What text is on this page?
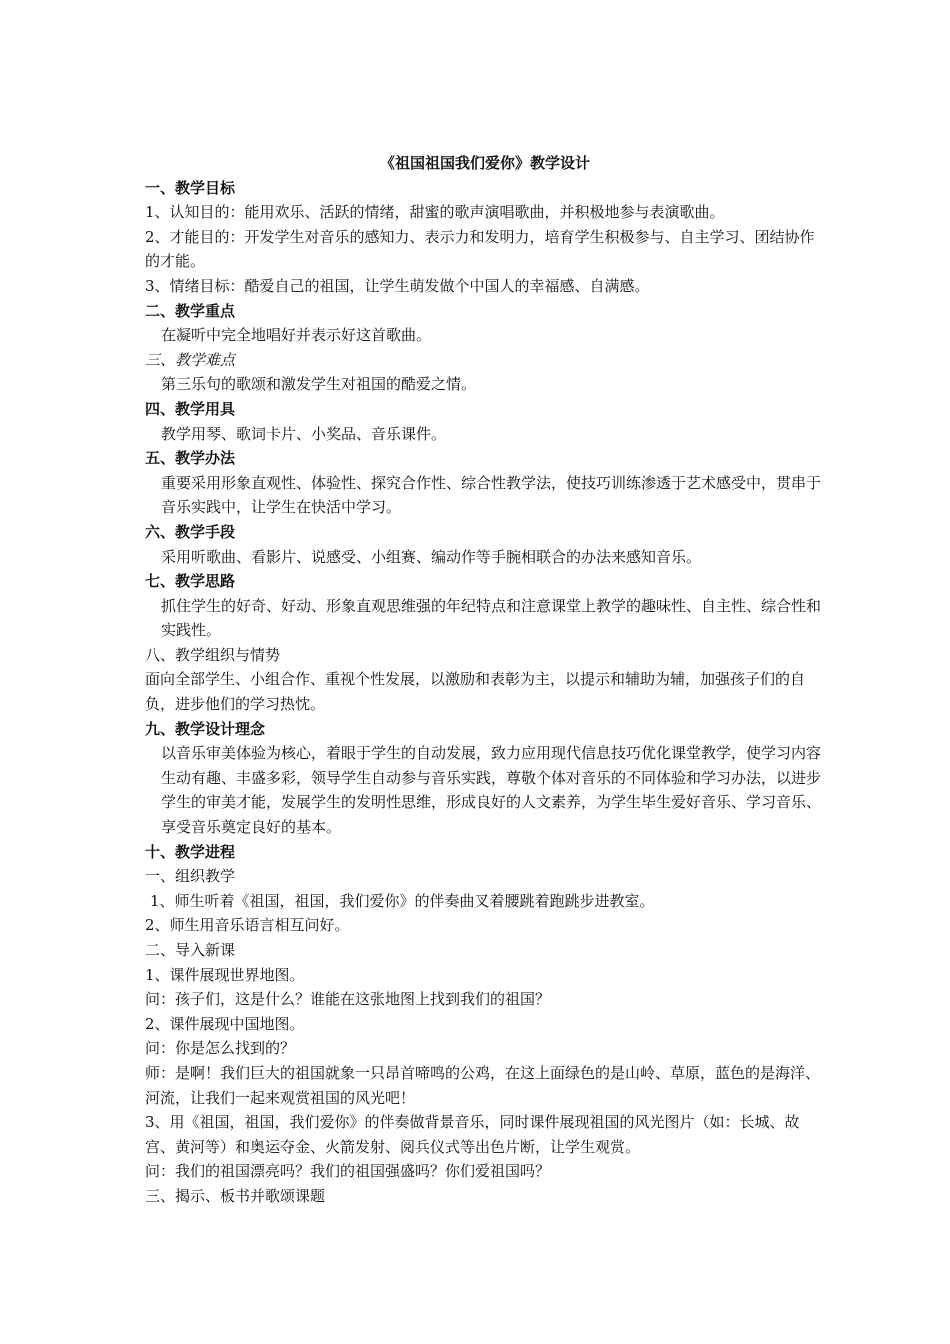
《祖国祖国我们爱你》教学设计

一、教学目标

1、认知目的：能用欢乐、活跃的情绪，甜蜜的歌声演唱歌曲，并积极地参与表演歌曲。

2、才能目的：开发学生对音乐的感知力、表示力和发明力，培育学生积极参与、自主学习、团结协作的才能。

3、情绪目标：酷爱自己的祖国，让学生萌发做个中国人的幸福感、自满感。

二、教学重点

在凝听中完全地唱好并表示好这首歌曲。

三、教学难点

第三乐句的歌颂和激发学生对祖国的酷爱之情。

四、教学用具

教学用琴、歌词卡片、小奖品、音乐课件。

五、教学办法

重要采用形象直观性、体验性、探究合作性、综合性教学法，使技巧训练渗透于艺术感受中，贯串于音乐实践中，让学生在快活中学习。

六、教学手段

采用听歌曲、看影片、说感受、小组赛、编动作等手腕相联合的办法来感知音乐。

七、教学思路

抓住学生的好奇、好动、形象直观思维强的年纪特点和注意课堂上教学的趣味性、自主性、综合性和实践性。

八、教学组织与情势

面向全部学生、小组合作、重视个性发展，以激励和表彰为主，以提示和辅助为辅，加强孩子们的自负，进步他们的学习热忱。

九、教学设计理念

以音乐审美体验为核心，着眼于学生的自动发展，致力应用现代信息技巧优化课堂教学，使学习内容生动有趣、丰盛多彩，领导学生自动参与音乐实践，尊敬个体对音乐的不同体验和学习办法，以进步学生的审美才能，发展学生的发明性思维，形成良好的人文素养，为学生毕生爱好音乐、学习音乐、享受音乐奠定良好的基本。

十、教学进程

一、组织教学

1、师生听着《祖国，祖国，我们爱你》的伴奏曲叉着腰跳着跑跳步进教室。

2、师生用音乐语言相互问好。

二、导入新课

1、课件展现世界地图。

问：孩子们，这是什么？谁能在这张地图上找到我们的祖国？

2、课件展现中国地图。

问：你是怎么找到的？

师：是啊！我们巨大的祖国就象一只昂首啼鸣的公鸡，在这上面绿色的是山岭、草原，蓝色的是海洋、河流，让我们一起来观赏祖国的风光吧！

3、用《祖国，祖国，我们爱你》的伴奏做背景音乐，同时课件展现祖国的风光图片（如：长城、故宫、黄河等）和奥运夺金、火箭发射、阅兵仪式等出色片断，让学生观赏。

问：我们的祖国漂亮吗？我们的祖国强盛吗？你们爱祖国吗？

三、揭示、板书并歌颂课题
